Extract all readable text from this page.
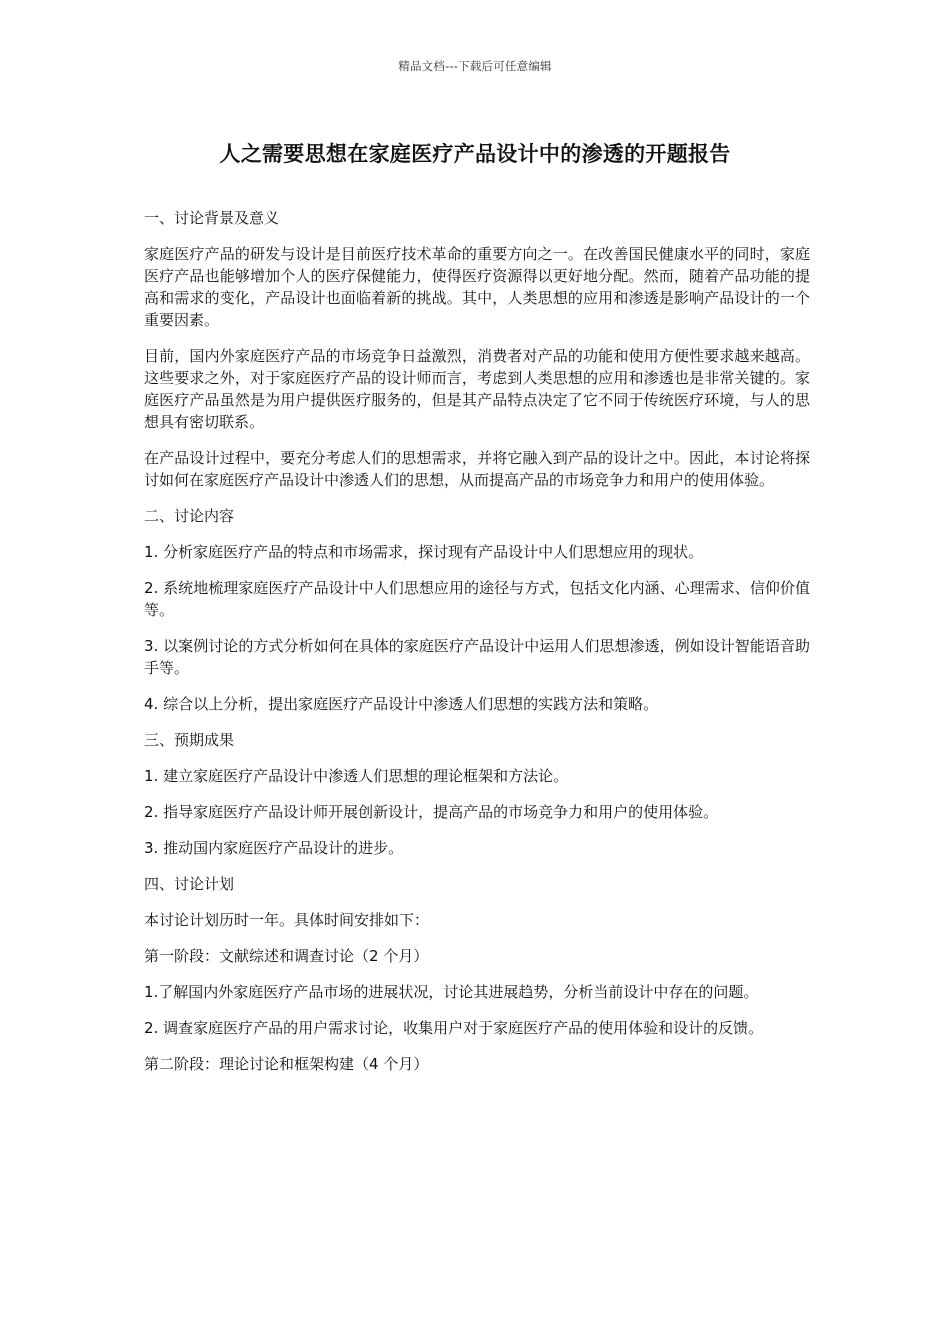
精品文档---下载后可任意编辑
人之需要思想在家庭医疗产品设计中的渗透的开题报告

一、讨论背景及意义

家庭医疗产品的研发与设计是目前医疗技术革命的重要方向之一。在改善国民健康水平的同时，家庭医疗产品也能够增加个人的医疗保健能力，使得医疗资源得以更好地分配。然而，随着产品功能的提高和需求的变化，产品设计也面临着新的挑战。其中，人类思想的应用和渗透是影响产品设计的一个重要因素。

目前，国内外家庭医疗产品的市场竞争日益激烈，消费者对产品的功能和使用方便性要求越来越高。这些要求之外，对于家庭医疗产品的设计师而言，考虑到人类思想的应用和渗透也是非常关键的。家庭医疗产品虽然是为用户提供医疗服务的，但是其产品特点决定了它不同于传统医疗环境，与人的思想具有密切联系。

在产品设计过程中，要充分考虑人们的思想需求，并将它融入到产品的设计之中。因此，本讨论将探讨如何在家庭医疗产品设计中渗透人们的思想，从而提高产品的市场竞争力和用户的使用体验。

二、讨论内容

1. 分析家庭医疗产品的特点和市场需求，探讨现有产品设计中人们思想应用的现状。

2. 系统地梳理家庭医疗产品设计中人们思想应用的途径与方式，包括文化内涵、心理需求、信仰价值等。

3. 以案例讨论的方式分析如何在具体的家庭医疗产品设计中运用人们思想渗透，例如设计智能语音助手等。

4. 综合以上分析，提出家庭医疗产品设计中渗透人们思想的实践方法和策略。

三、预期成果

1. 建立家庭医疗产品设计中渗透人们思想的理论框架和方法论。

2. 指导家庭医疗产品设计师开展创新设计，提高产品的市场竞争力和用户的使用体验。

3. 推动国内家庭医疗产品设计的进步。

四、讨论计划

本讨论计划历时一年。具体时间安排如下：

第一阶段：文献综述和调查讨论（2 个月）

1.了解国内外家庭医疗产品市场的进展状况，讨论其进展趋势，分析当前设计中存在的问题。

2. 调查家庭医疗产品的用户需求讨论，收集用户对于家庭医疗产品的使用体验和设计的反馈。

第二阶段：理论讨论和框架构建（4 个月）
